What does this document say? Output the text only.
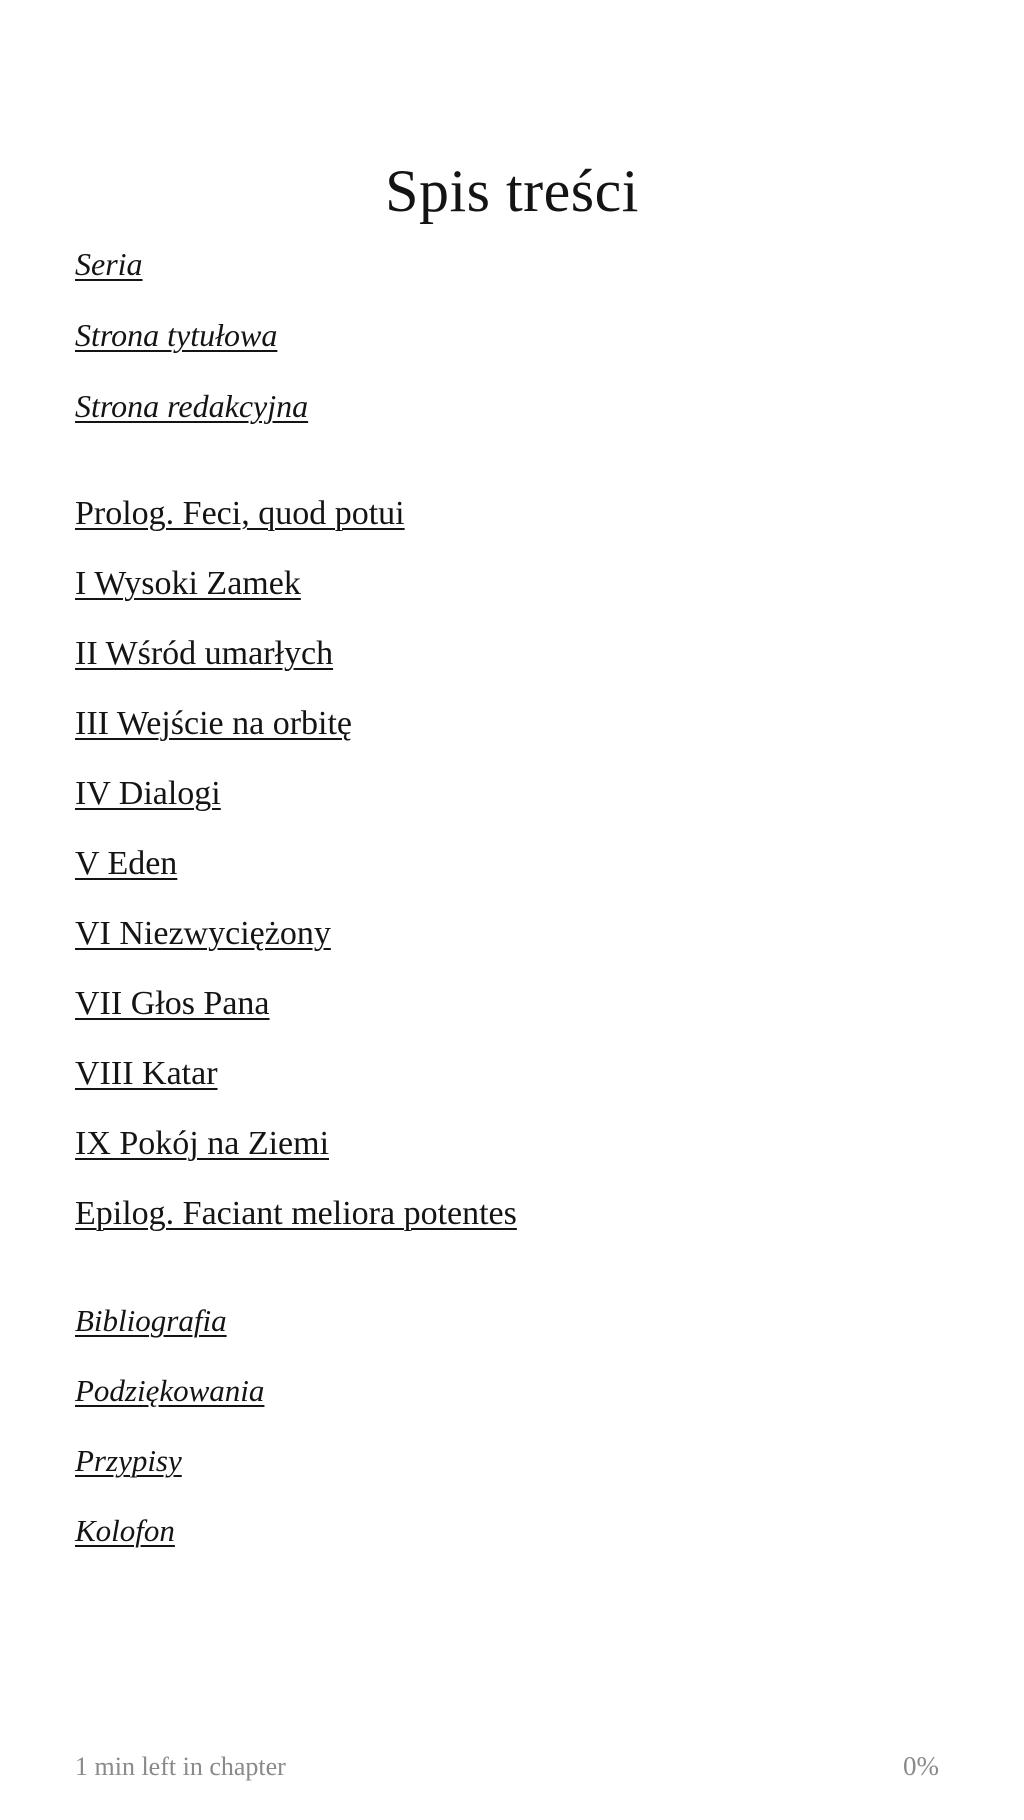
Spis treści
Seria
Strona tytułowa
Strona redakcyjna
Prolog. Feci, quod potui
I Wysoki Zamek
II Wśród umarłych
III Wejście na orbitę
IV Dialogi
V Eden
VI Niezwyciężony
VII Głos Pana
VIII Katar
IX Pokój na Ziemi
Epilog. Faciant meliora potentes
Bibliografia
Podziękowania
Przypisy
Kolofon
1 min left in chapter	0%
